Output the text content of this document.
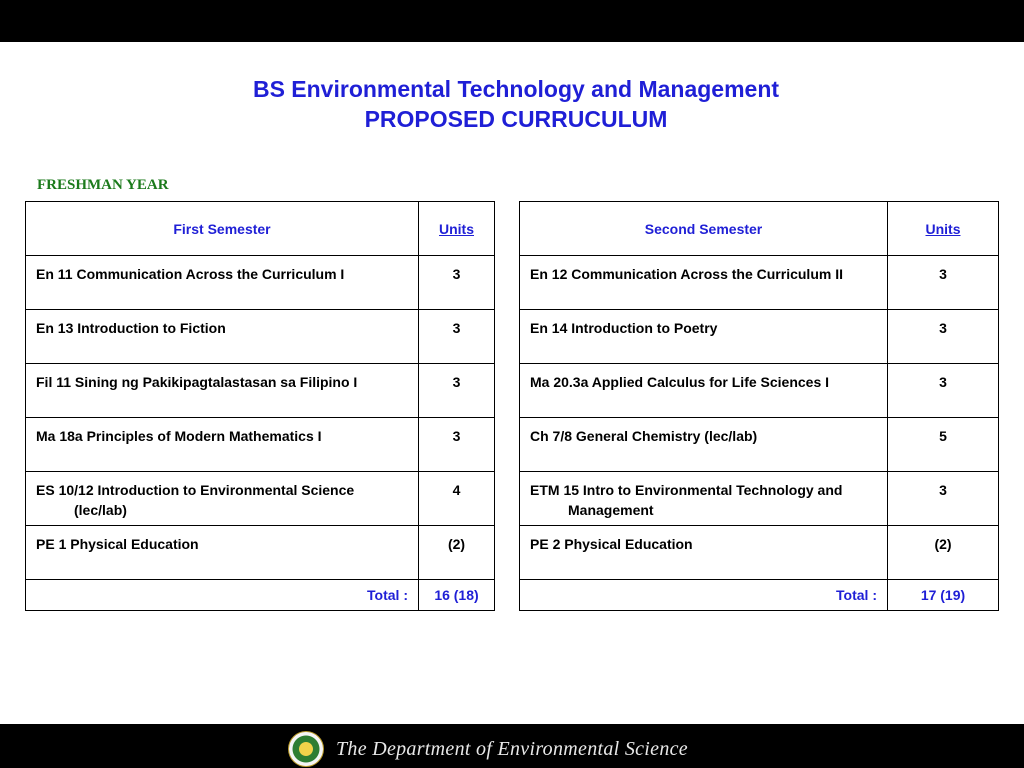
BS Environmental Technology and Management
PROPOSED CURRUCULUM
FRESHMAN YEAR
First Semester	Units
En 11 Communication Across the Curriculum I	3
En 13 Introduction to Fiction	3
Fil 11 Sining ng Pakikipagtalastasan sa Filipino I	3
Ma 18a Principles of Modern Mathematics I	3
ES 10/12 Introduction to Environmental Science
(lec/lab)	4
PE 1 Physical Education	(2)
Total :	16 (18)
Second Semester	Units
En 12 Communication Across the Curriculum II	3
En 14 Introduction to Poetry	3
Ma 20.3a Applied Calculus for Life Sciences I	3
Ch 7/8 General Chemistry (lec/lab)	5
ETM 15 Intro to Environmental Technology and
Management	3
PE 2 Physical Education	(2)
Total :	17 (19)
The Department of Environmental Science
